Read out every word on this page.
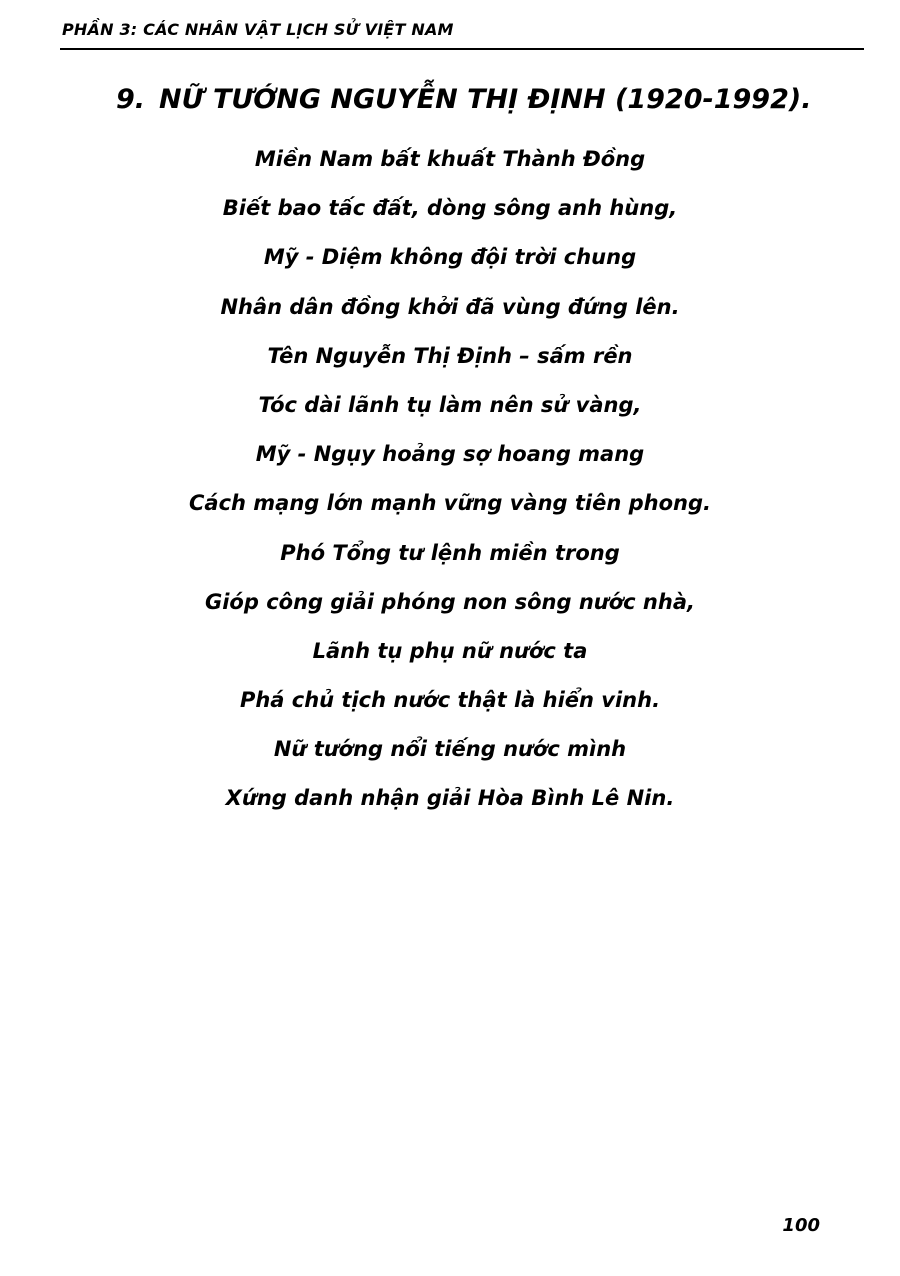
PHẦN 3: CÁC NHÂN VẬT LỊCH SỬ VIỆT NAM
9. NỮ TƯỚNG NGUYỄN THỊ ĐỊNH (1920-1992).
Miền Nam bất khuất Thành Đồng
Biết bao tấc đất, dòng sông anh hùng,
Mỹ - Diệm không đội trời chung
Nhân dân đồng khởi đã vùng đứng lên.
Tên Nguyễn Thị Định – sấm rền
Tóc dài lãnh tụ làm nên sử vàng,
Mỹ - Ngụy hoảng sợ hoang mang
Cách mạng lớn mạnh vững vàng tiên phong.
Phó Tổng tư lệnh miền trong
Gióp công giải phóng non sông nước nhà,
Lãnh tụ phụ nữ nước ta
Phá chủ tịch nước thật là hiển vinh.
Nữ tướng nổi tiếng nước mình
Xứng danh nhận giải Hòa Bình Lê Nin.
100
